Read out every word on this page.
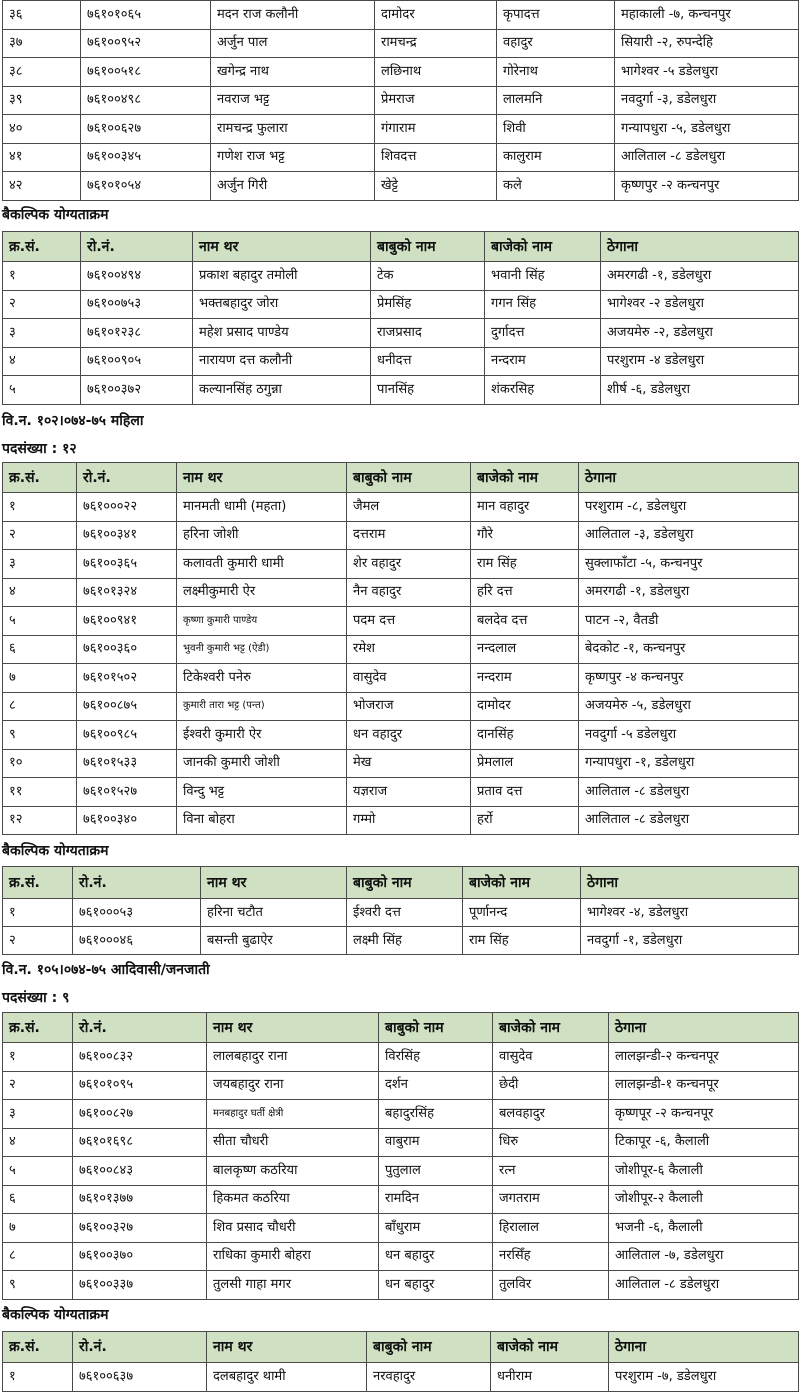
३६	७६१०१०६५	मदन राज कलौनी	दामोदर	कृपादत्त	महाकाली -७, कन्चनपुर
३७	७६१००९५२	अर्जुन पाल	रामचन्द्र	वहादुर	सियारी -२, रुपन्देहि
३८	७६१००५१८	खगेन्द्र नाथ	लछिनाथ	गोरेनाथ	भागेश्वर -५ डडेलधुरा
३९	७६१००४९८	नवराज भट्ट	प्रेमराज	लालमनि	नवदुर्गा -३, डडेलधुरा
४०	७६१००६२७	रामचन्द्र फुलारा	गंगाराम	शिवी	गन्यापधुरा -५, डडेलधुरा
४१	७६१००३४५	गणेश राज भट्ट	शिवदत्त	कालुराम	आलिताल -८ डडेलधुरा
४२	७६१०१०५४	अर्जुन गिरी	खेट्टे	कले	कृष्णपुर -२ कन्चनपुर
बैकल्पिक योग्यताक्रम
क्र.सं.	रो.नं.	नाम थर	बाबुको नाम	बाजेको नाम	ठेगाना
१	७६१००४९४	प्रकाश बहादुर तमोली	टेक	भवानी सिंह	अमरगढी -१, डडेलधुरा
२	७६१००७५३	भक्तबहादुर जोरा	प्रेमसिंह	गगन सिंह	भागेश्वर -२ डडेलधुरा
३	७६१०१२३८	महेश प्रसाद पाण्डेय	राजप्रसाद	दुर्गादत्त	अजयमेरु -२, डडेलधुरा
४	७६१००९०५	नारायण दत्त कलौनी	धनीदत्त	नन्दराम	परशुराम -४ डडेलधुरा
५	७६१००३७२	कल्यानसिंह ठगुन्ना	पानसिंह	शंकरसिह	शीर्ष -६, डडेलधुरा
वि.न. १०२।०७४-७५ महिला
पदसंख्या : १२
क्र.सं.	रो.नं.	नाम थर	बाबुको नाम	बाजेको नाम	ठेगाना
१	७६१०००२२	मानमती धामी (महता)	जैमल	मान वहादुर	परशुराम -८, डडेलधुरा
२	७६१००३४१	हरिना जोशी	दत्तराम	गौरे	आलिताल -३, डडेलधुरा
३	७६१००३६५	कलावती कुमारी धामी	शेर वहादुर	राम सिंह	सुक्लाफाँटा -५, कन्चनपुर
४	७६१०१३२४	लक्ष्मीकुमारी ऐर	नैन वहादुर	हरि दत्त	अमरगढी -१, डडेलधुरा
५	७६१००९४१	कृष्णा कुमारी पाण्डेय	पदम दत्त	बलदेव दत्त	पाटन -२, वैतडी
६	७६१००३६०	भुवनी कुमारी भट्ट (ऐडी)	रमेश	नन्दलाल	बेदकोट -१, कन्चनपुर
७	७६१०१५०२	टिकेश्वरी पनेरु	वासुदेव	नन्दराम	कृष्णपुर -४ कन्चनपुर
८	७६१००८७५	कुमारी तारा भट्ट (पन्त)	भोजराज	दामोदर	अजयमेरु -५, डडेलधुरा
९	७६१००९८५	ईश्वरी कुमारी ऐर	धन वहादुर	दानसिंह	नवदुर्गा -५ डडेलधुरा
१०	७६१०१५३३	जानकी कुमारी जोशी	मेख	प्रेमलाल	गन्यापधुरा -१, डडेलधुरा
११	७६१०१५२७	विन्दु भट्ट	यज्ञराज	प्रताव दत्त	आलिताल -८ डडेलधुरा
१२	७६१००३४०	विना बोहरा	गम्मो	हर्रो	आलिताल -८ डडेलधुरा
बैकल्पिक योग्यताक्रम
क्र.सं.	रो.नं.	नाम थर	बाबुको नाम	बाजेको नाम	ठेगाना
१	७६१०००५३	हरिना चटौत	ईश्वरी दत्त	पूर्णानन्द	भागेश्वर -४, डडेलधुरा
२	७६१०००४६	बसन्ती बुढाऐर	लक्ष्मी सिंह	राम सिंह	नवदुर्गा -१, डडेलधुरा
वि.न. १०५।०७४-७५ आदिवासी/जनजाती
पदसंख्या : ९
क्र.सं.	रो.नं.	नाम थर	बाबुको नाम	बाजेको नाम	ठेगाना
१	७६१००८३२	लालबहादुर राना	विरसिंह	वासुदेव	लालझन्डी-२ कन्चनपूर
२	७६१०१०९५	जयबहादुर राना	दर्शन	छेदी	लालझन्डी-१ कन्चनपूर
३	७६१००८२७	मनबहादुर घर्ती क्षेत्री	बहादुरसिंह	बलवहादुर	कृष्णपूर -२ कन्चनपूर
४	७६१०१६९८	सीता चौधरी	वाबुराम	धिरु	टिकापूर -६, कैलाली
५	७६१००८४३	बालकृष्ण कठरिया	पुतुलाल	रत्न	जोशीपूर-६ कैलाली
६	७६१०१३७७	हिकमत कठरिया	रामदिन	जगतराम	जोशीपूर-२ कैलाली
७	७६१००३२७	शिव प्रसाद चौधरी	बाँधुराम	हिरालाल	भजनी -६, कैलाली
८	७६१००३७०	राधिका कुमारी बोहरा	धन बहादुर	नरसिँह	आलिताल -७, डडेलधुरा
९	७६१००३३७	तुलसी गाहा मगर	धन बहादुर	तुलविर	आलिताल -८ डडेलधुरा
बैकल्पिक योग्यताक्रम
क्र.सं.	रो.नं.	नाम थर	बाबुको नाम	बाजेको नाम	ठेगाना
१	७६१००६३७	दलबहादुर थामी	नरवहादुर	धनीराम	परशुराम -७, डडेलधुरा
